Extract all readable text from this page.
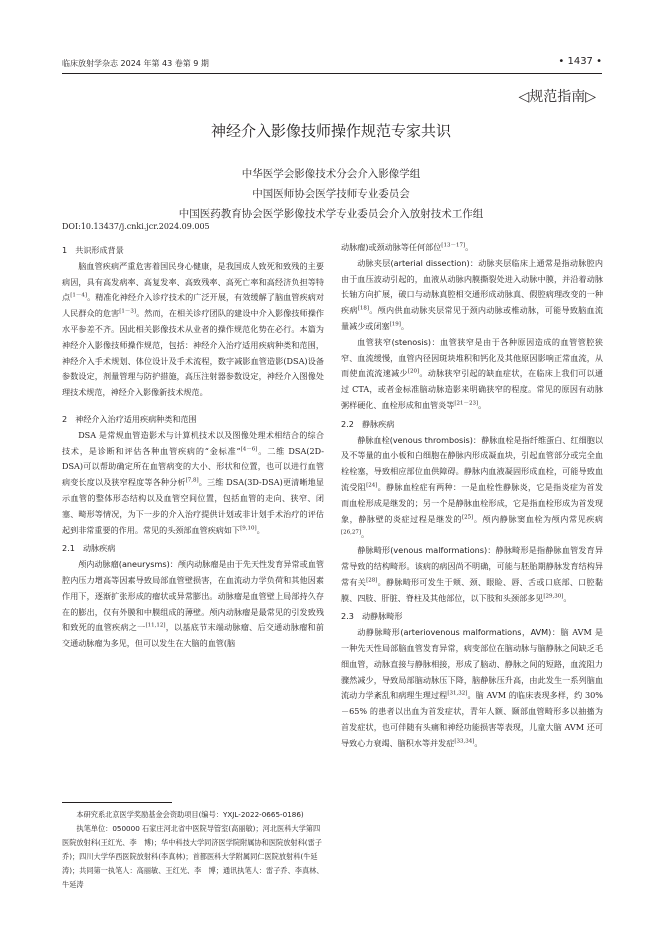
临床放射学杂志 2024 年第 43 卷第 9 期	• 1437 •
◁规范指南▷
神经介入影像技师操作规范专家共识
中华医学会影像技术分会介入影像学组
中国医师协会医学技师专业委员会
中国医药教育协会医学影像技术学专业委员会介入放射技术工作组
DOI:10.13437/j.cnki.jcr.2024.09.005

1　共识形成背景

脑血管疾病严重危害着国民身心健康，是我国成人致死和致残的主要病因，具有高发病率、高复发率、高致残率、高死亡率和高经济负担等特点[1－4]。精准化神经介入诊疗技术的广泛开展，有效缓解了脑血管疾病对人民群众的危害[1－3]。然而，在相关诊疗团队的建设中介入影像技师操作水平参差不齐。因此相关影像技术从业者的操作规范化势在必行。本篇为神经介入影像技师操作规范，包括：神经介入治疗适用疾病种类和范围，神经介入手术规划、体位设计及手术流程，数字减影血管造影(DSA)设备参数设定，剂量管理与防护措施，高压注射器参数设定，神经介入图像处理技术规范，神经介入影像新技术规范。

2　神经介入治疗适用疾病种类和范围

DSA 是常规血管造影术与计算机技术以及图像处理术相结合的综合技术，是诊断和评估各种血管疾病的“金标准”[4－6]。二维 DSA(2D-DSA)可以帮助确定所在血管病变的大小、形状和位置，也可以进行血管病变长度以及狭窄程度等各种分析[7,8]。三维 DSA(3D-DSA)更清晰地显示血管的整体形态结构以及血管空间位置，包括血管的走向、狭窄、闭塞、畸形等情况，为下一步的介入治疗提供计划或非计划手术治疗的评估起到非常重要的作用。常见的头颈部血管疾病如下[9,10]。

2.1　动脉疾病

颅内动脉瘤(aneurysms)：颅内动脉瘤是由于先天性发育异常或血管腔内压力增高等因素导致局部血管壁损害，在血流动力学负荷和其他因素作用下，逐渐扩张形成的瘤状或异常膨出。动脉瘤是血管壁上局部持久存在的膨出，仅有外膜和中膜组成的薄壁。颅内动脉瘤是最常见的引发致残和致死的血管疾病之一[11,12]，以基底节末端动脉瘤、后交通动脉瘤和前交通动脉瘤为多见，但可以发生在大脑的血管(脑

动脉瘤)或颈动脉等任何部位[13－17]。

动脉夹层(arterial dissection)：动脉夹层临床上通常是指动脉腔内由于血压波动引起的，血液从动脉内膜撕裂处进入动脉中膜，并沿着动脉长轴方向扩展，破口与动脉真腔相交通形成动脉真、假腔病理改变的一种疾病[18]。颅内供血动脉夹层常见于颈内动脉或椎动脉，可能导致脑血流量减少或闭塞[19]。

血管狭窄(stenosis)：血管狭窄是由于各种原因造成的血管管腔狭窄、血流缓慢，血管内径因斑块堆积和钙化及其他原因影响正常血流，从而使血流流速减少[20]。动脉狭窄引起的缺血症状，在临床上我们可以通过 CTA，或者金标准脑动脉造影来明确狭窄的程度。常见的原因有动脉粥样硬化、血栓形成和血管炎等[21－23]。

2.2　静脉疾病

静脉血栓(venous thrombosis)：静脉血栓是指纤维蛋白、红细胞以及不等量的血小板和白细胞在静脉内形成凝血块，引起血管部分或完全血栓栓塞，导致相应部位血供障碍。静脉内血液凝固形成血栓，可能导致血流受阻[24]。静脉血栓症有两种：一是血栓性静脉炎，它是指炎症为首发而血栓形成是继发的；另一个是静脉血栓形成，它是指血栓形成为首发现象，静脉壁的炎症过程是继发的[25]。颅内静脉窦血栓为颅内常见疾病[26,27]。

静脉畸形(venous malformations)：静脉畸形是指静脉血管发育异常导致的结构畸形。该病的病因尚不明确，可能与胚胎期静脉发育结构异常有关[28]。静脉畸形可发生于颊、颈、眼睑、唇、舌或口底部、口腔黏膜、四肢、肝脏、脊柱及其他部位，以下肢和头颈部多见[29,30]。

2.3　动静脉畸形

动静脉畸形(arteriovenous malformations，AVM)：脑 AVM 是一种先天性局部脑血管发育异常，病变部位在脑动脉与脑静脉之间缺乏毛细血管，动脉直接与静脉相接，形成了脑动、静脉之间的短路，血流阻力骤然减少，导致局部脑动脉压下降，脑静脉压升高，由此发生一系列脑血流动力学紊乱和病理生理过程[31,32]。脑 AVM 的临床表现多样，约 30%－65% 的患者以出血为首发症状，青年人额、颞部血管畸形多以抽搐为首发症状，也可伴随有头痛和神经功能损害等表现，儿童大脑 AVM 还可导致心力衰竭、脑积水等并发症[33,34]。

本研究系北京医学奖励基金会资助项目(编号：YXJL-2022-0665-0186)

执笔单位：050000 石家庄河北省中医院导管室(高丽敏)；河北医科大学第四医院放射科(王红光、李　博)；华中科技大学同济医学院附属协和医院放射科(雷子乔)；四川大学华西医院放射科(李真林)；首都医科大学附属同仁医院放射科(牛延涛)；共同第一执笔人：高丽敏、王红光、李　博；通讯执笔人：雷子乔、李真林、牛延涛
